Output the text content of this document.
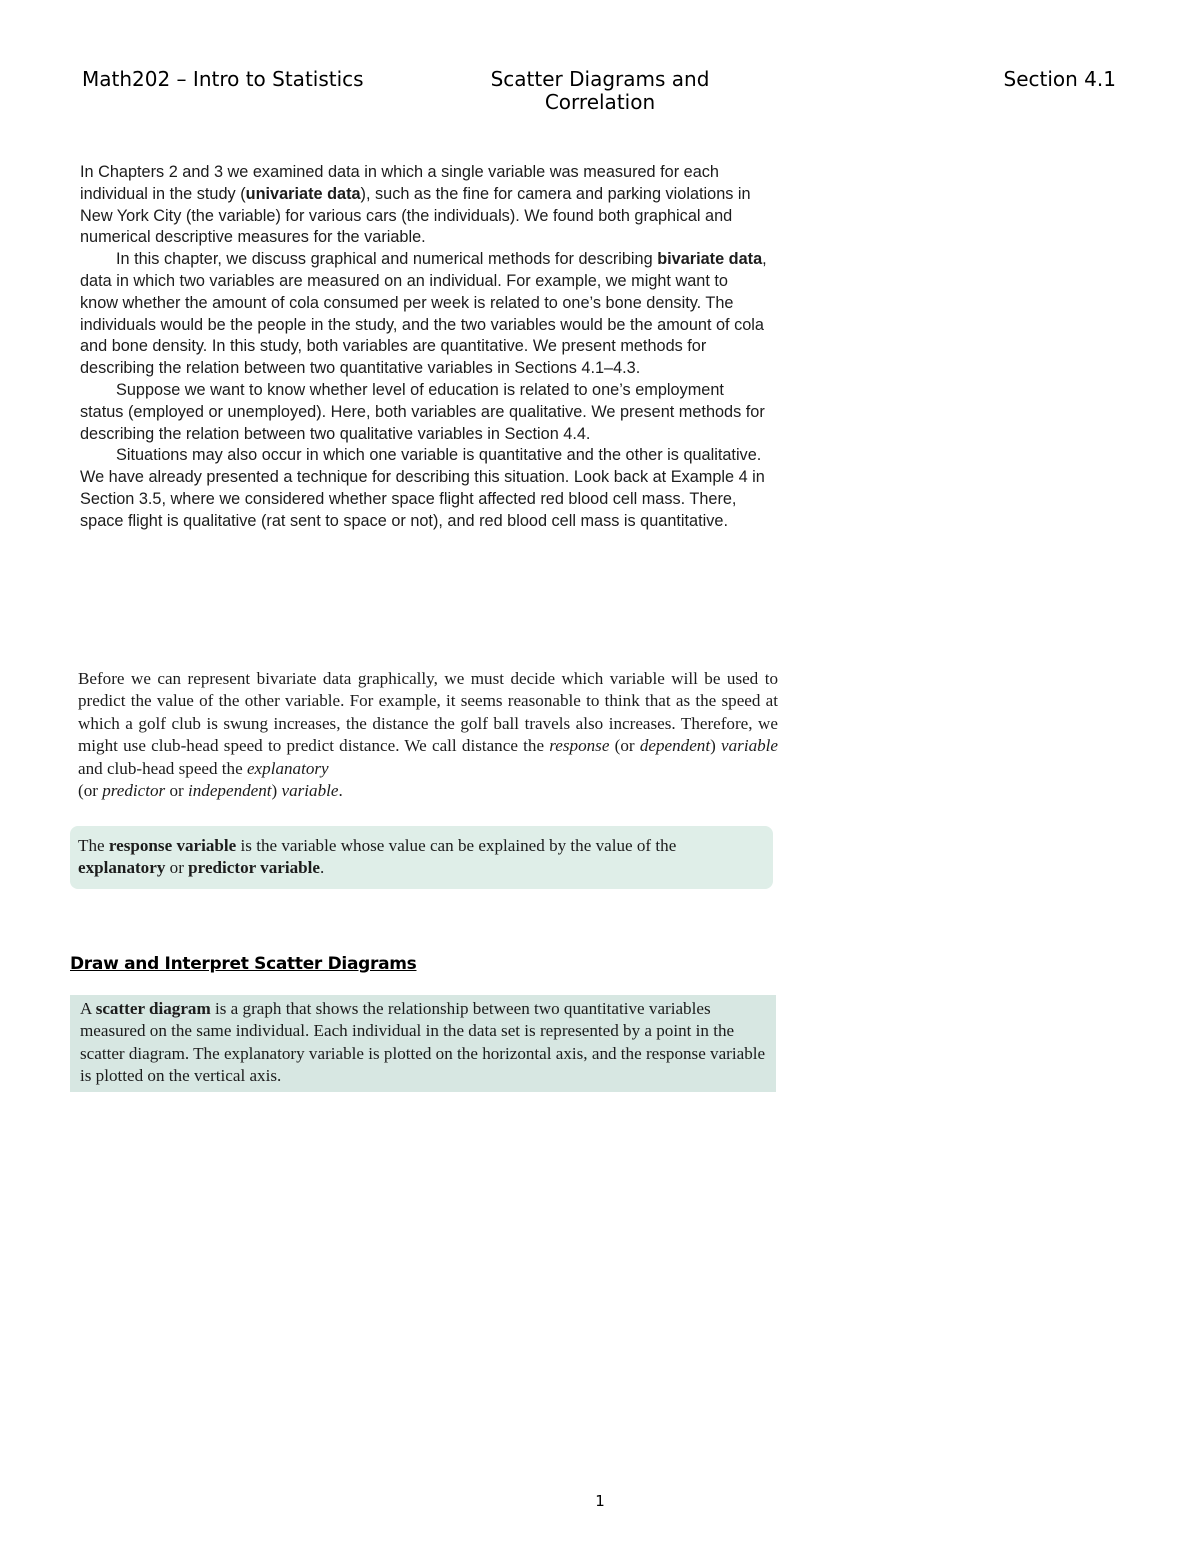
Math202 – Intro to Statistics	Scatter Diagrams and
Correlation
Section 4.1

In Chapters 2 and 3 we examined data in which a single variable was measured for each individual in the study (univariate data), such as the fine for camera and parking violations in New York City (the variable) for various cars (the individuals). We found both graphical and numerical descriptive measures for the variable.

In this chapter, we discuss graphical and numerical methods for describing bivariate data, data in which two variables are measured on an individual. For example, we might want to know whether the amount of cola consumed per week is related to one’s bone density. The individuals would be the people in the study, and the two variables would be the amount of cola and bone density. In this study, both variables are quantitative. We present methods for describing the relation between two quantitative variables in Sections 4.1–4.3.

Suppose we want to know whether level of education is related to one’s employment status (employed or unemployed). Here, both variables are qualitative. We present methods for describing the relation between two qualitative variables in Section 4.4.

Situations may also occur in which one variable is quantitative and the other is qualitative. We have already presented a technique for describing this situation. Look back at Example 4 in Section 3.5, where we considered whether space flight affected red blood cell mass. There, space flight is qualitative (rat sent to space or not), and red blood cell mass is quantitative.

Before we can represent bivariate data graphically, we must decide which variable will be used to predict the value of the other variable. For example, it seems reasonable to think that as the speed at which a golf club is swung increases, the distance the golf ball travels also increases. Therefore, we might use club-head speed to predict distance. We call distance the response (or dependent) variable and club-head speed the explanatory
(or predictor or independent) variable.

The response variable is the variable whose value can be explained by the value of the explanatory or predictor variable.
Draw and Interpret Scatter Diagrams
A scatter diagram is a graph that shows the relationship between two quantitative variables measured on the same individual. Each individual in the data set is represented by a point in the scatter diagram. The explanatory variable is plotted on the horizontal axis, and the response variable is plotted on the vertical axis.
1
